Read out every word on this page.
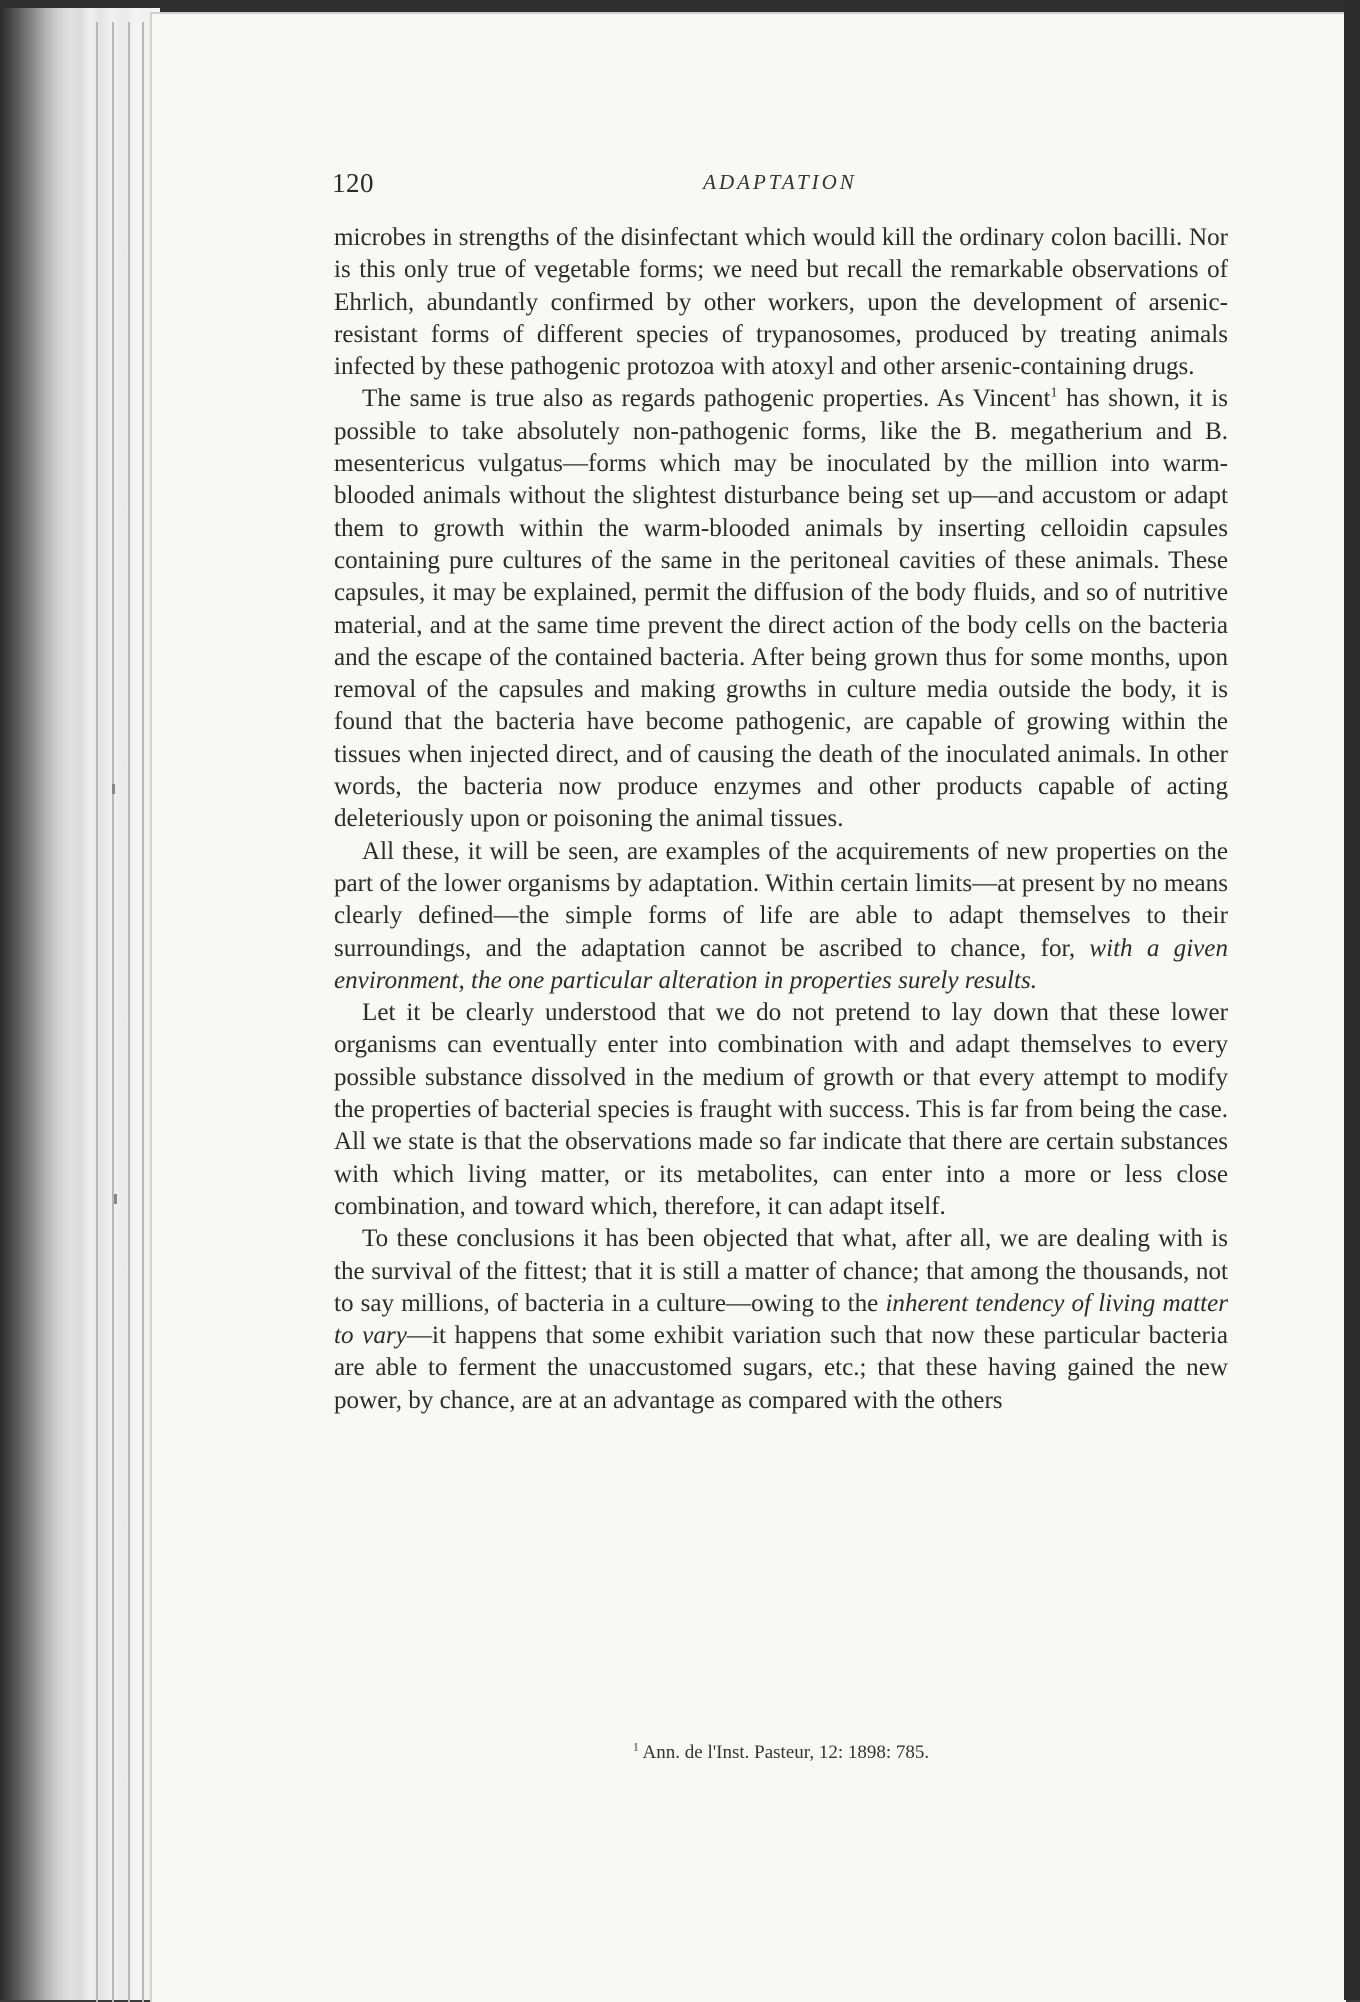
120	ADAPTATION

microbes in strengths of the disinfectant which would kill the ordinary colon bacilli. Nor is this only true of vegetable forms; we need but recall the remarkable observations of Ehrlich, abundantly confirmed by other workers, upon the development of arsenic-resistant forms of different species of trypanosomes, produced by treating animals infected by these pathogenic protozoa with atoxyl and other arsenic-containing drugs.

The same is true also as regards pathogenic properties. As Vincent$^1$ has shown, it is possible to take absolutely non-pathogenic forms, like the B. megatherium and B. mesentericus vulgatus—forms which may be inoculated by the million into warm-blooded animals without the slightest disturbance being set up—and accustom or adapt them to growth within the warm-blooded animals by inserting celloidin capsules containing pure cultures of the same in the peritoneal cavities of these animals. These capsules, it may be explained, permit the diffusion of the body fluids, and so of nutritive material, and at the same time prevent the direct action of the body cells on the bacteria and the escape of the contained bacteria. After being grown thus for some months, upon removal of the capsules and making growths in culture media outside the body, it is found that the bacteria have become pathogenic, are capable of growing within the tissues when injected direct, and of causing the death of the inoculated animals. In other words, the bacteria now produce enzymes and other products capable of acting deleteriously upon or poisoning the animal tissues.

All these, it will be seen, are examples of the acquirements of new properties on the part of the lower organisms by adaptation. Within certain limits—at present by no means clearly defined—the simple forms of life are able to adapt themselves to their surroundings, and the adaptation cannot be ascribed to chance, for, with a given environment, the one particular alteration in properties surely results.

Let it be clearly understood that we do not pretend to lay down that these lower organisms can eventually enter into combination with and adapt themselves to every possible substance dissolved in the medium of growth or that every attempt to modify the properties of bacterial species is fraught with success. This is far from being the case. All we state is that the observations made so far indicate that there are certain substances with which living matter, or its metabolites, can enter into a more or less close combination, and toward which, therefore, it can adapt itself.

To these conclusions it has been objected that what, after all, we are dealing with is the survival of the fittest; that it is still a matter of chance; that among the thousands, not to say millions, of bacteria in a culture—owing to the inherent tendency of living matter to vary—it happens that some exhibit variation such that now these particular bacteria are able to ferment the unaccustomed sugars, etc.; that these having gained the new power, by chance, are at an advantage as compared with the others

$^1$ Ann. de l'Inst. Pasteur, 12: 1898: 785.
